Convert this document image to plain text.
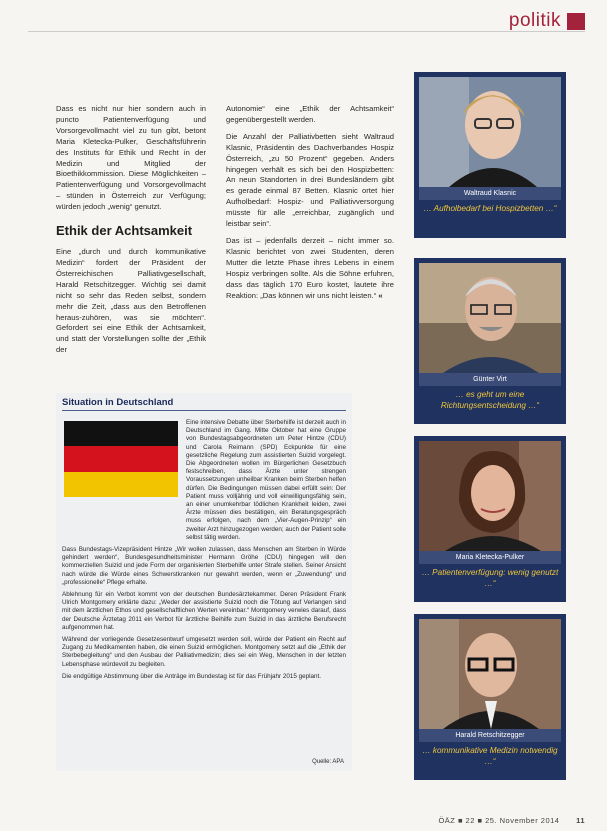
politik

Dass es nicht nur hier sondern auch in puncto Patientenverfügung und Vorsorgevollmacht viel zu tun gibt, betont Maria Kletecka-Pulker, Geschäftsführerin des Instituts für Ethik und Recht in der Medizin und Mitglied der Bioethikkommission. Diese Möglichkeiten – Patientenverfügung und Vorsorgevollmacht – stünden in Österreich zur Verfügung; würden jedoch „wenig“ genutzt.

Ethik der Achtsamkeit

Eine „durch und durch kommunikative Medizin“ fordert der Präsident der Österreichischen Palliativgesellschaft, Harald Retschitzegger. Wichtig sei damit nicht so sehr das Reden selbst, sondern mehr die Zeit, „dass aus den Betroffenen heraus-zuhören, was sie möchten“. Gefordert sei eine Ethik der Achtsamkeit, und statt der Vorstellungen sollte der „Ethik der

Autonomie“ eine „Ethik der Achtsamkeit“ gegenübergestellt werden.

Die Anzahl der Palliativbetten sieht Waltraud Klasnic, Präsidentin des Dachverbandes Hospiz Österreich, „zu 50 Prozent“ gegeben. Anders hingegen verhält es sich bei den Hospizbetten: An neun Standorten in drei Bundesländern gibt es gerade einmal 87 Betten. Klasnic ortet hier Aufholbedarf: Hospiz- und Palliativversorgung müsste für alle „erreichbar, zugänglich und leistbar sein“.

Das ist – jedenfalls derzeit – nicht immer so. Klasnic berichtet von zwei Studenten, deren Mutter die letzte Phase ihres Lebens in einem Hospiz verbringen sollte. Als die Söhne erfuhren, dass das täglich 170 Euro kostet, lautete ihre Reaktion: „Das können wir uns nicht leisten.“ «

Situation in Deutschland

Eine intensive Debatte über Sterbehilfe ist derzeit auch in Deutschland im Gang. Mitte Oktober hat eine Gruppe von Bundestagsabgeordneten um Peter Hintze (CDU) und Carola Reimann (SPD) Eckpunkte für eine gesetzliche Regelung zum assistierten Suizid vorgelegt. Die Abgeordneten wollen im Bürgerlichen Gesetzbuch festschreiben, dass Ärzte unter strengen Voraussetzungen unheilbar Kranken beim Sterben helfen dürfen. Die Bedingungen müssen dabei erfüllt sein: Der Patient muss volljährig und voll einwilligungsfähig sein, an einer unumkehrbar tödlichen Krankheit leiden, zwei Ärzte müssen dies bestätigen, ein Beratungsgespräch muss erfolgen, nach dem „Vier-Augen-Prinzip“ ein zweiter Arzt hinzugezogen werden; auch der Patient solle selbst tätig werden.

Dass Bundestags-Vizepräsident Hintze „Wir wollen zulassen, dass Menschen am Sterben in Würde gehindert werden“, Bundesgesundheitsminister Hermann Gröhe (CDU) hingegen will den kommerziellen Suizid und jede Form der organisierten Sterbehilfe unter Strafe stellen. Seiner Ansicht nach würde die Würde eines Schwerstkranken nur gewahrt werden, wenn er „Zuwendung“ und „professionelle“ Pflege erhalte.

Ablehnung für ein Verbot kommt von der deutschen Bundesärztekammer. Deren Präsident Frank Ulrich Montgomery erklärte dazu: „Weder der assistierte Suizid noch die Tötung auf Verlangen sind mit dem ärztlichen Ethos und gesellschaftlichen Werten vereinbar.“ Montgomery verwies darauf, dass der Deutsche Ärztetag 2011 ein Verbot für ärztliche Beihilfe zum Suizid in das ärztliche Berufsrecht aufgenommen hat.

Während der vorliegende Gesetzesentwurf umgesetzt werden soll, würde der Patient ein Recht auf Zugang zu Medikamenten haben, die einen Suizid ermöglichen. Montgomery setzt auf die „Ethik der Sterbebegleitung“ und den Ausbau der Palliativmedizin; dies sei ein Weg, Menschen in der letzten Lebensphase würdevoll zu begleiten.

Die endgültige Abstimmung über die Anträge im Bundestag ist für das Frühjahr 2015 geplant.

Quelle: APA
Waltraud Klasnic
… Aufholbedarf bei Hospizbetten …“
Günter Virt
… es geht um eine Richtungsentscheidung …“
Maria Kletecka-Pulker
… Patientenverfügung: wenig genutzt …“
Harald Retschitzegger
… kommunikative Medizin notwendig …“
ÖÄZ ■ 22 ■ 25. November 2014 11
